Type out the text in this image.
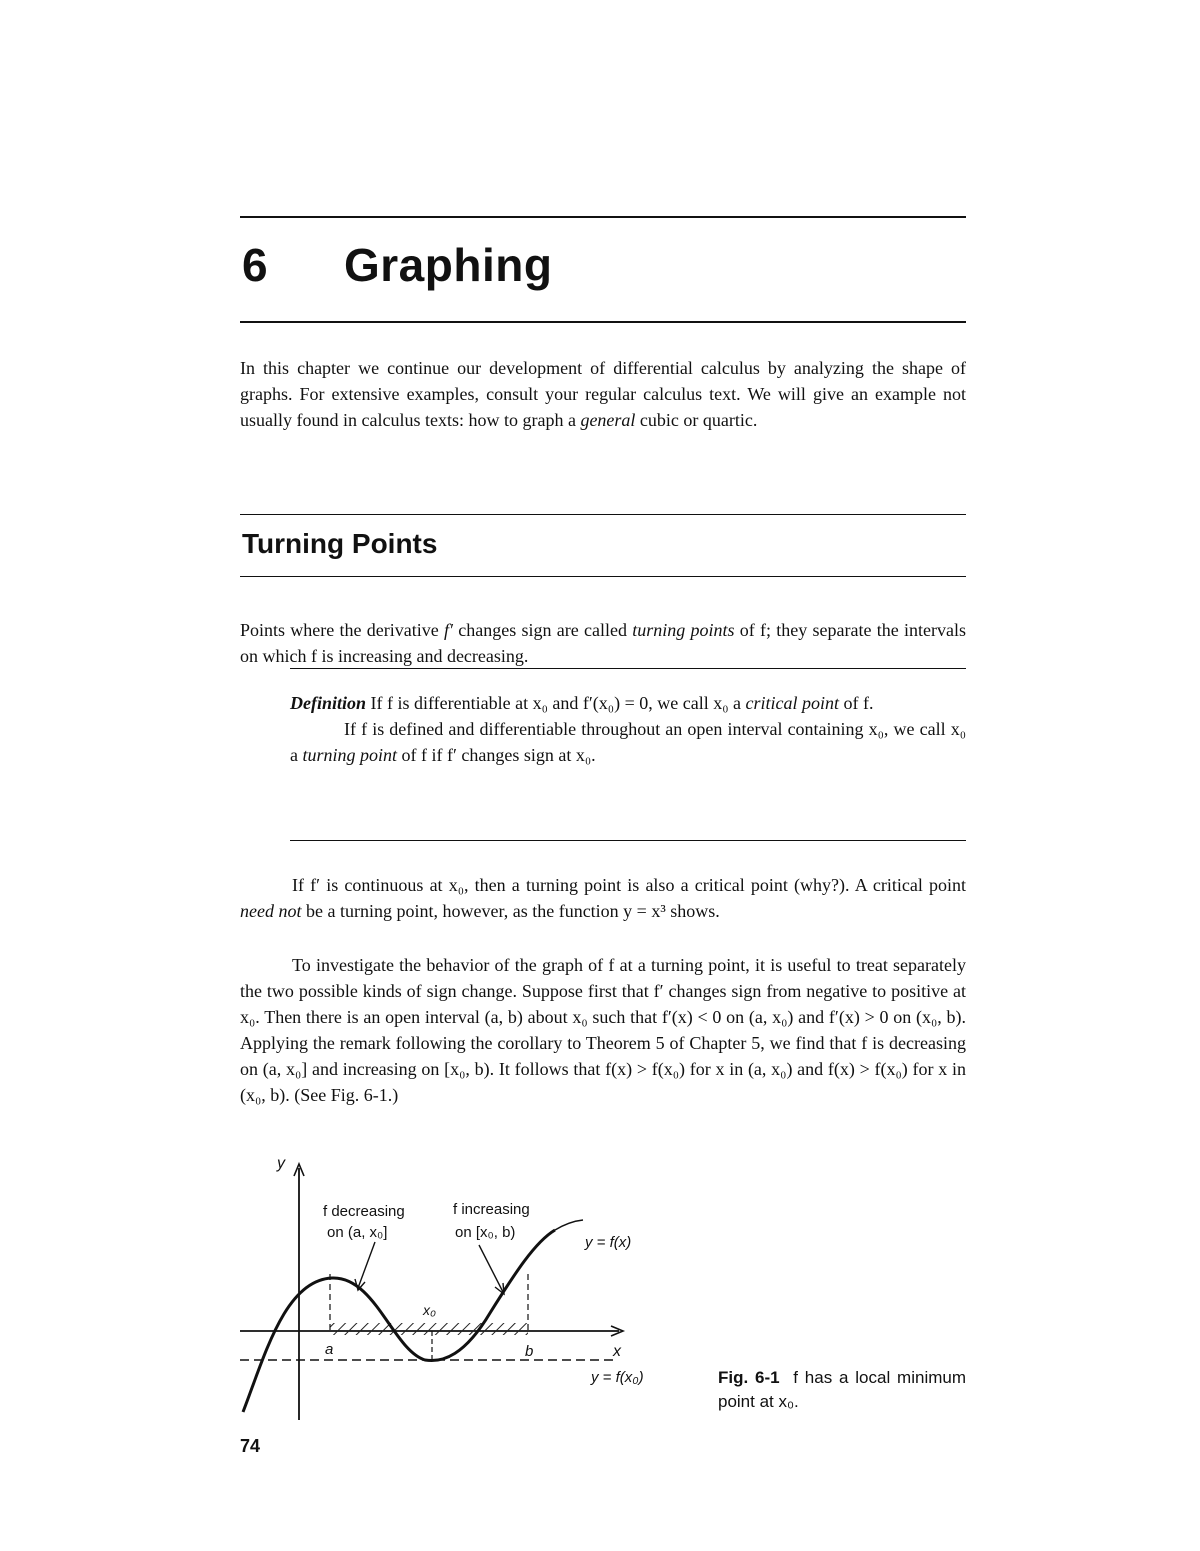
6 Graphing

In this chapter we continue our development of differential calculus by analyzing the shape of graphs. For extensive examples, consult your regular calculus text. We will give an example not usually found in calculus texts: how to graph a general cubic or quartic.

Turning Points

Points where the derivative f′ changes sign are called turning points of f; they separate the intervals on which f is increasing and decreasing.

Definition If f is differentiable at x₀ and f′(x₀) = 0, we call x₀ a critical point of f.

If f is defined and differentiable throughout an open interval containing x₀, we call x₀ a turning point of f if f′ changes sign at x₀.

If f′ is continuous at x₀, then a turning point is also a critical point (why?). A critical point need not be a turning point, however, as the function y = x³ shows.

To investigate the behavior of the graph of f at a turning point, it is useful to treat separately the two possible kinds of sign change. Suppose first that f′ changes sign from negative to positive at x₀. Then there is an open interval (a, b) about x₀ such that f′(x) < 0 on (a, x₀) and f′(x) > 0 on (x₀, b). Applying the remark following the corollary to Theorem 5 of Chapter 5, we find that f is decreasing on (a, x₀] and increasing on [x₀, b). It follows that f(x) > f(x₀) for x in (a, x₀) and f(x) > f(x₀) for x in (x₀, b). (See Fig. 6-1.)

y
x
y = f(x)
f decreasing
on (a, x₀]
f increasing
on [x₀, b)
x₀
a	b
y = f(x₀)	Fig. 6-1 f has a local minimum point at x₀.
74
